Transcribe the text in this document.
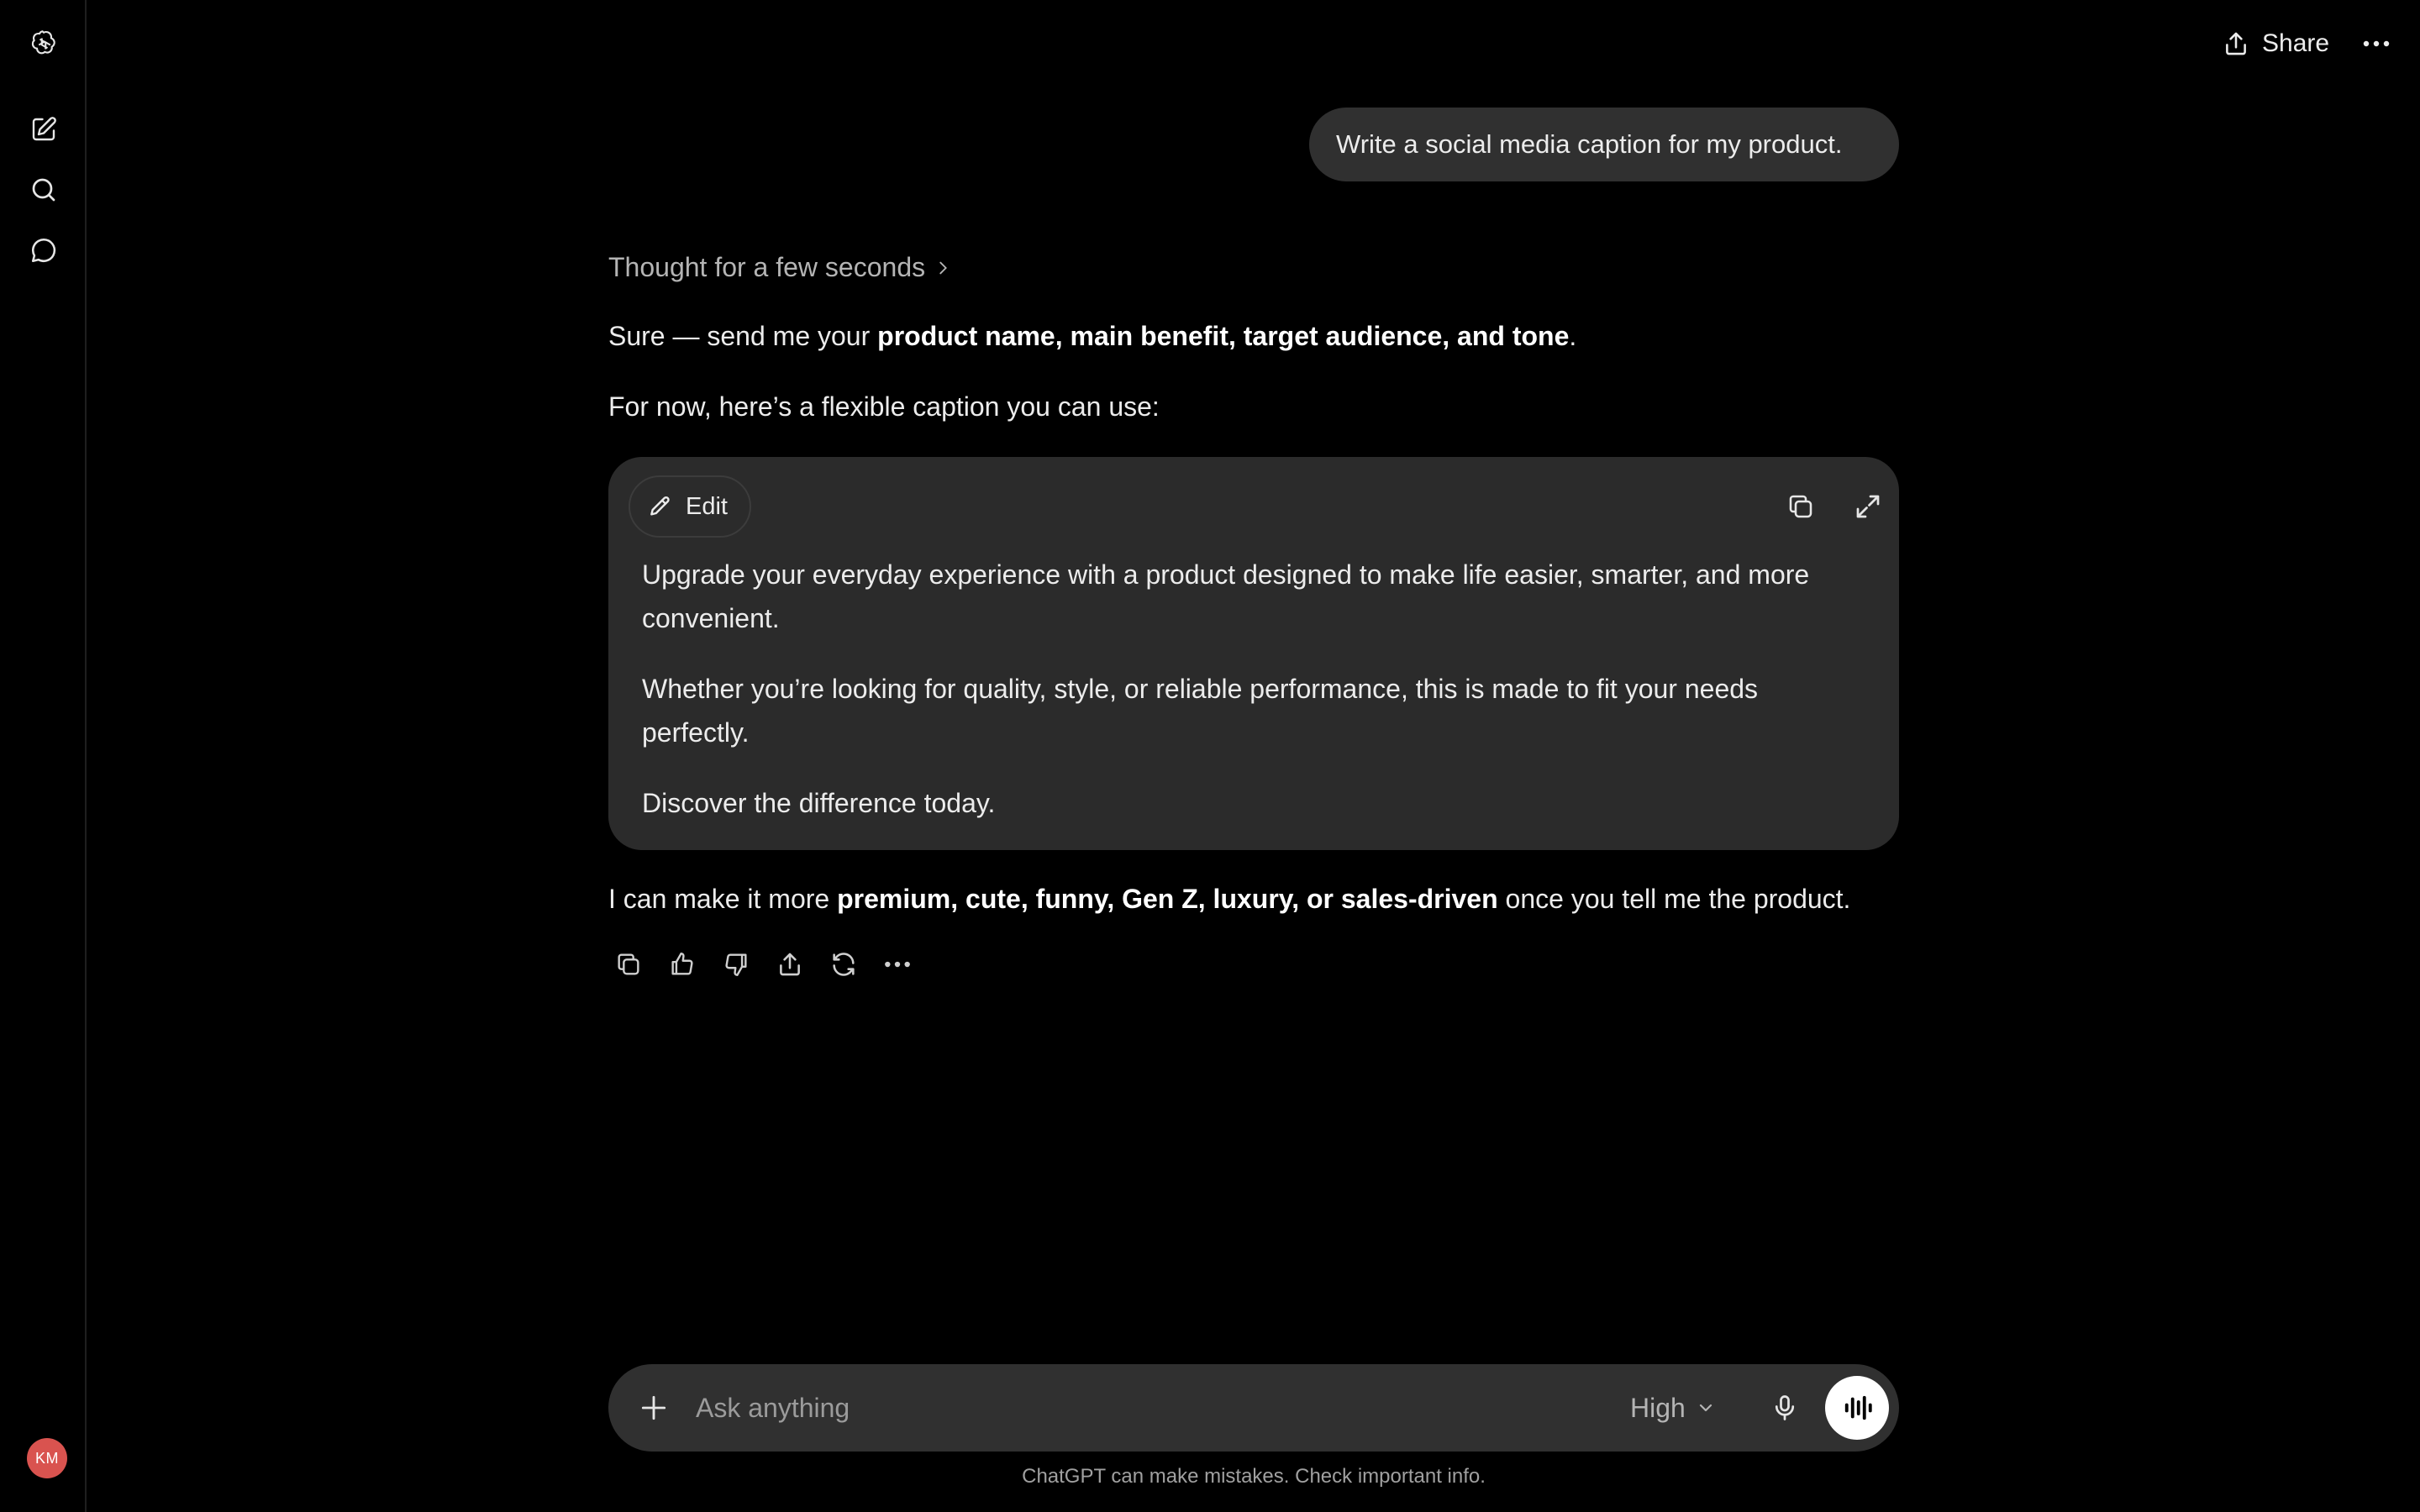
KM
Share
Write a social media caption for my product.
Thought for a few seconds
Sure — send me your product name, main benefit, target audience, and tone.
For now, here’s a flexible caption you can use:
Edit

Upgrade your everyday experience with a product designed to make life easier, smarter, and more convenient.

Whether you’re looking for quality, style, or reliable performance, this is made to fit your needs perfectly.

Discover the difference today.

I can make it more premium, cute, funny, Gen Z, luxury, or sales-driven once you tell me the product.
Ask anything
High
ChatGPT can make mistakes. Check important info.
